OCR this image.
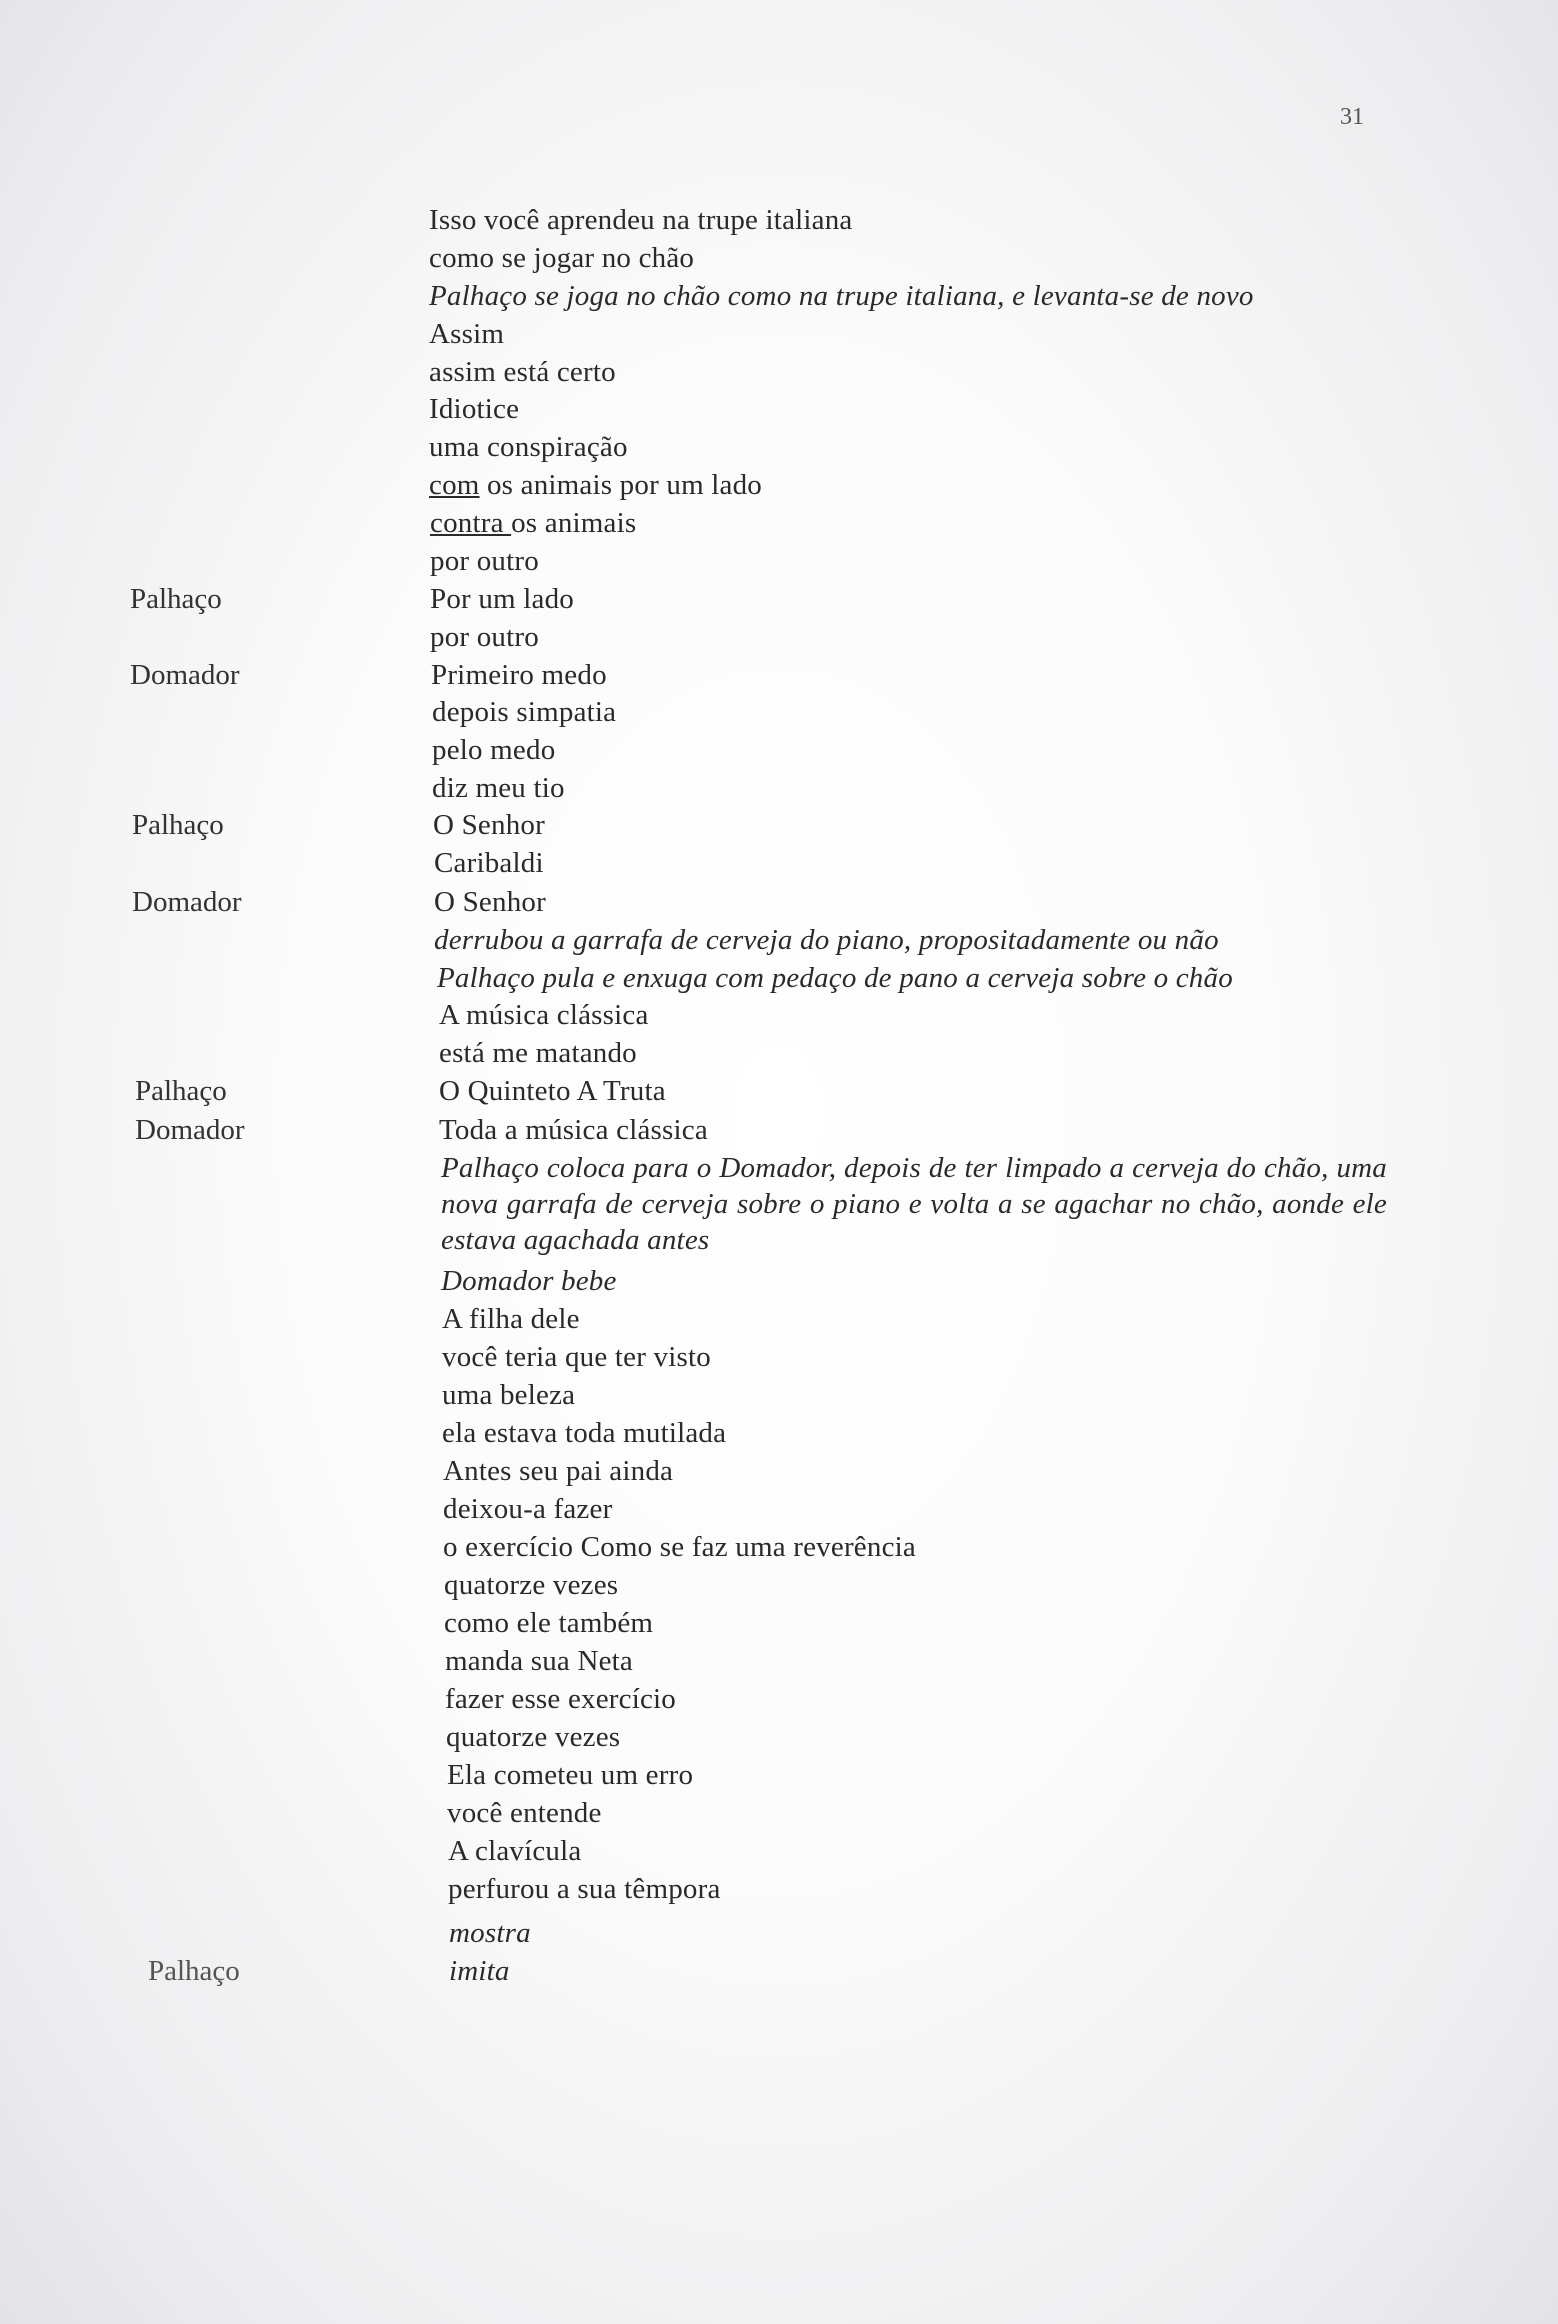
31
Palhaço
Domador
Palhaço
Domador
Palhaço
Domador
Palhaço
Isso você aprendeu na trupe italiana
como se jogar no chão
Palhaço se joga no chão como na trupe italiana, e levanta-se de novo
Assim
assim está certo
Idiotice
uma conspiração
com os animais por um lado
contra os animais
por outro
Por um lado
por outro
Primeiro medo
depois simpatia
pelo medo
diz meu tio
O Senhor
Caribaldi
O Senhor
derrubou a garrafa de cerveja do piano, propositadamente ou não
Palhaço pula e enxuga com pedaço de pano a cerveja sobre o chão
A música clássica
está me matando
O Quinteto A Truta
Toda a música clássica
Palhaço coloca para o Domador, depois de ter limpado a cerveja do chão, uma nova garrafa de cerveja sobre o piano e volta a se agachar no chão, aonde ele estava agachada antes
Domador bebe
A filha dele
você teria que ter visto
uma beleza
ela estava toda mutilada
Antes seu pai ainda
deixou-a fazer
o exercício Como se faz uma reverência
quatorze vezes
como ele também
manda sua Neta
fazer esse exercício
quatorze vezes
Ela cometeu um erro
você entende
A clavícula
perfurou a sua têmpora
mostra
imita
